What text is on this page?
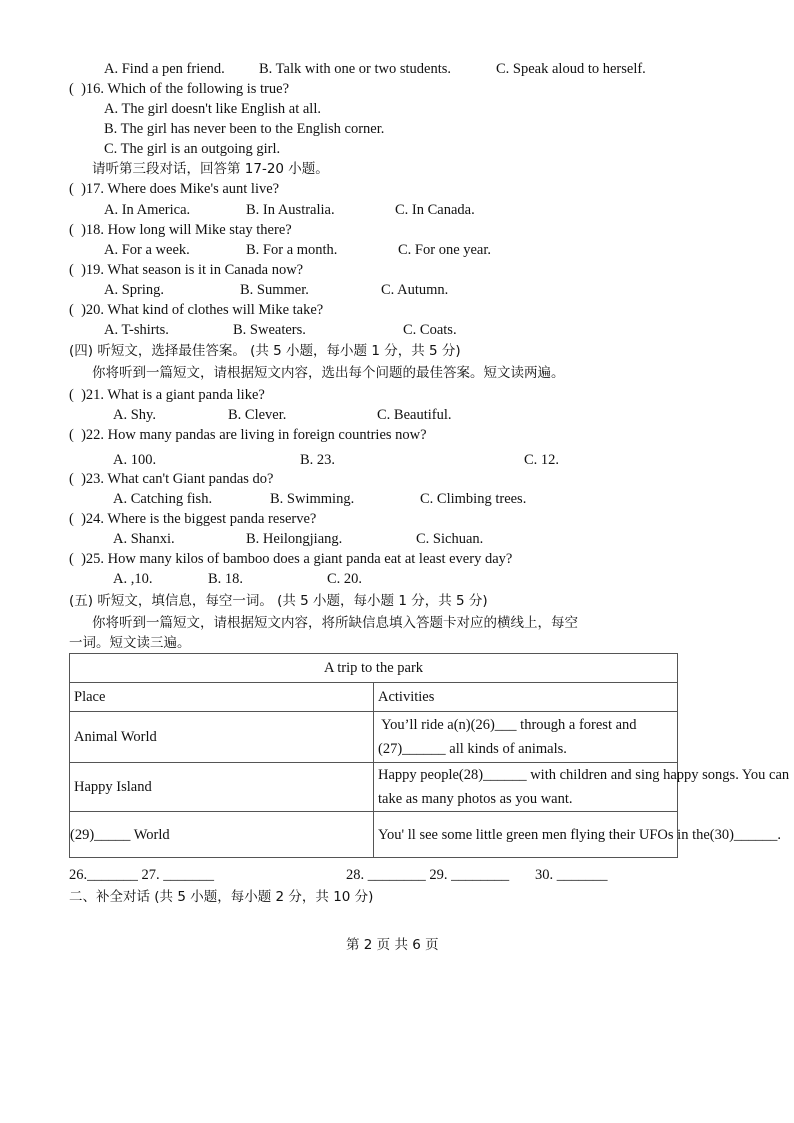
A. Find a pen friend. B. Talk with one or two students.	C. Speak aloud to herself.
(  )16. Which of the following is true?
A. The girl doesn't like English at all.
B. The girl has never been to the English corner.
C. The girl is an outgoing girl.
请听第三段对话，回答第 17-20 小题。
(  )17. Where does Mike's aunt live?
A. In America.	B. In Australia.	C. In Canada.
(  )18. How long will Mike stay there?
A. For a week.	B. For a month.	C. For one year.
(  )19. What season is it in Canada now?
A. Spring.	B. Summer.	C. Autumn.
(  )20. What kind of clothes will Mike take?
A. T-shirts.	B. Sweaters.	C. Coats.
(四) 听短文，选择最佳答案。 (共 5 小题，每小题 1 分，共 5 分)
你将听到一篇短文，请根据短文内容，选出每个问题的最佳答案。短文读两遍。
(  )21. What is a giant panda like?
A. Shy.	B. Clever.	C. Beautiful.
(  )22. How many pandas are living in foreign countries now?
A. 100.	B. 23.	C. 12.
(  )23. What can't Giant pandas do?
A. Catching fish.	B. Swimming.	C. Climbing trees.
(  )24. Where is the biggest panda reserve?
A. Shanxi.	B. Heilongjiang.	C. Sichuan.
(  )25. How many kilos of bamboo does a giant panda eat at least every day?
A. ,10.	B. 18.	C. 20.
(五) 听短文，填信息，每空一词。 (共 5 小题，每小题 1 分，共 5 分)
你将听到一篇短文，请根据短文内容，将所缺信息填入答题卡对应的横线上，每空
一词。短文读三遍。
A trip to the park	
Place	Activities
Animal World	You’ll ride a(n)(26)___ through a forest and
(27)______ all kinds of animals.

Happy Island	Happy people(28)______ with children and sing happy songs. You can
take as many photos as you want.

(29)_____ World	You' ll see some little green men flying their UFOs in the(30)______.
26._______ 27. _______	28. ________ 29. ________ 30. _______
二、补全对话 (共 5 小题，每小题 2 分，共 10 分)
第 2 页 共 6 页
